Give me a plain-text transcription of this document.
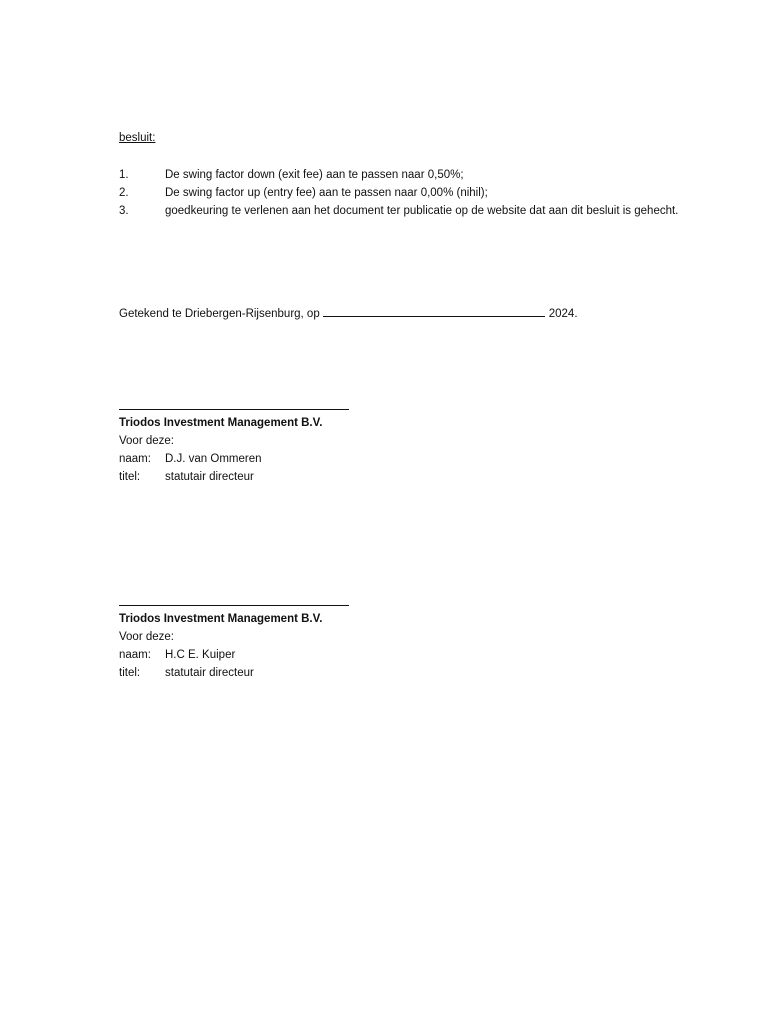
besluit:
1.	De swing factor down (exit fee) aan te passen naar 0,50%;
2.	De swing factor up (entry fee) aan te passen naar 0,00% (nihil);
3.	goedkeuring te verlenen aan het document ter publicatie op de website dat aan dit besluit is gehecht.
Getekend te Driebergen-Rijsenburg, op	2024.
Triodos Investment Management B.V.
Voor deze:
naam:	D.J. van Ommeren
titel:	statutair directeur
Triodos Investment Management B.V.
Voor deze:
naam:	H.C E. Kuiper
titel:	statutair directeur
